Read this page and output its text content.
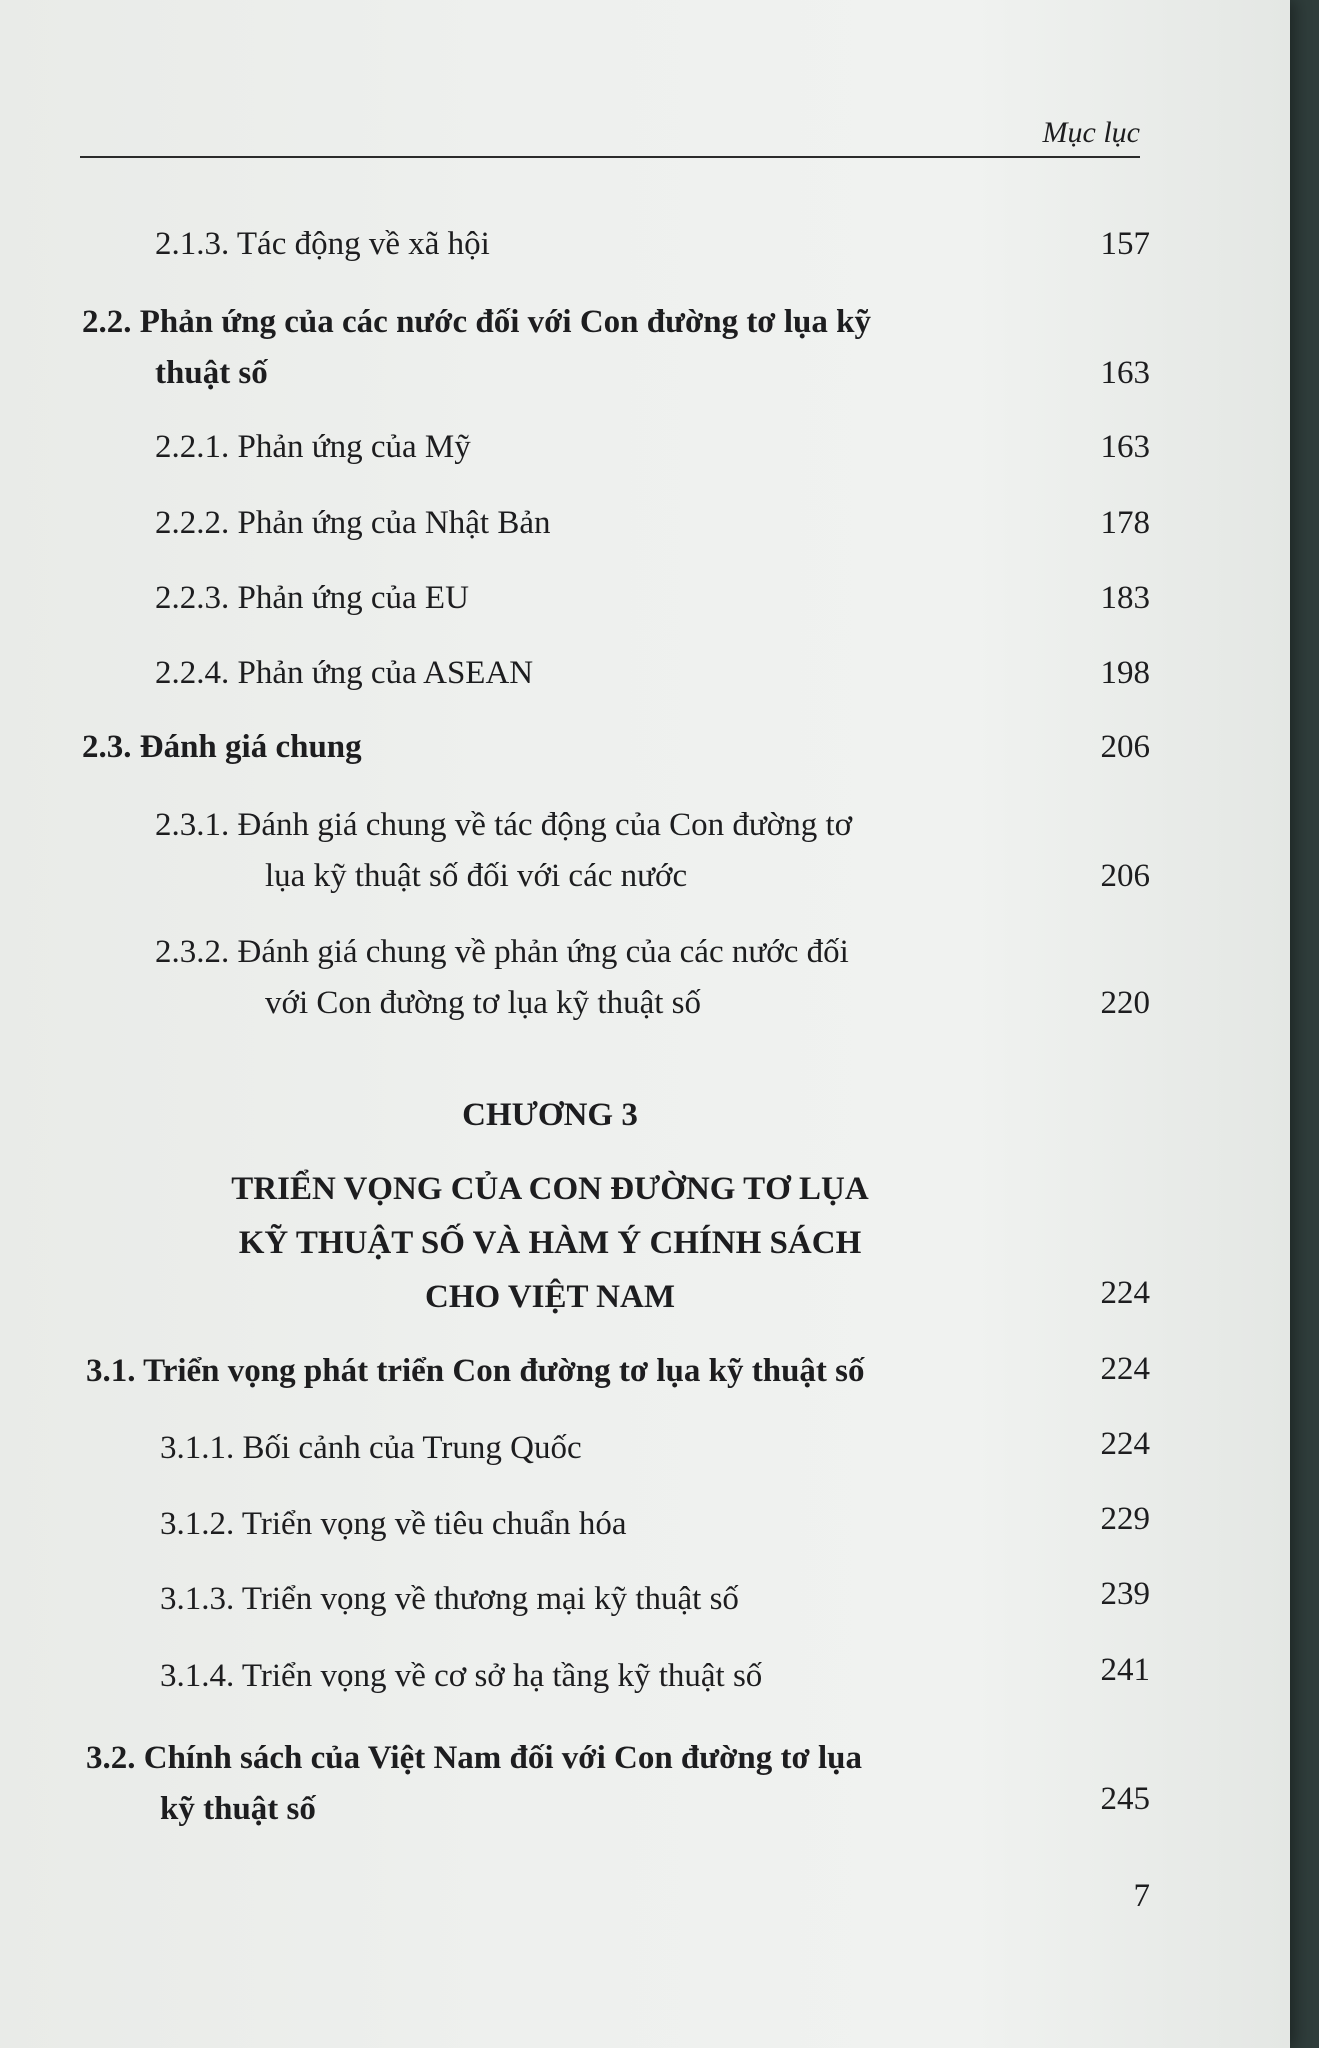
Mục lục
2.1.3. Tác động về xã hội	157
2.2. Phản ứng của các nước đối với Con đường tơ lụa kỹ
thuật số	163
2.2.1. Phản ứng của Mỹ	163
2.2.2. Phản ứng của Nhật Bản	178
2.2.3. Phản ứng của EU	183
2.2.4. Phản ứng của ASEAN	198
2.3. Đánh giá chung	206
2.3.1. Đánh giá chung về tác động của Con đường tơ
lụa kỹ thuật số đối với các nước	206
2.3.2. Đánh giá chung về phản ứng của các nước đối
với Con đường tơ lụa kỹ thuật số	220
CHƯƠNG 3
TRIỂN VỌNG CỦA CON ĐƯỜNG TƠ LỤA
KỸ THUẬT SỐ VÀ HÀM Ý CHÍNH SÁCH
CHO VIỆT NAM	224
3.1. Triển vọng phát triển Con đường tơ lụa kỹ thuật số	224
3.1.1. Bối cảnh của Trung Quốc	224
3.1.2. Triển vọng về tiêu chuẩn hóa	229
3.1.3. Triển vọng về thương mại kỹ thuật số	239
3.1.4. Triển vọng về cơ sở hạ tầng kỹ thuật số	241
3.2. Chính sách của Việt Nam đối với Con đường tơ lụa
kỹ thuật số	245
7
